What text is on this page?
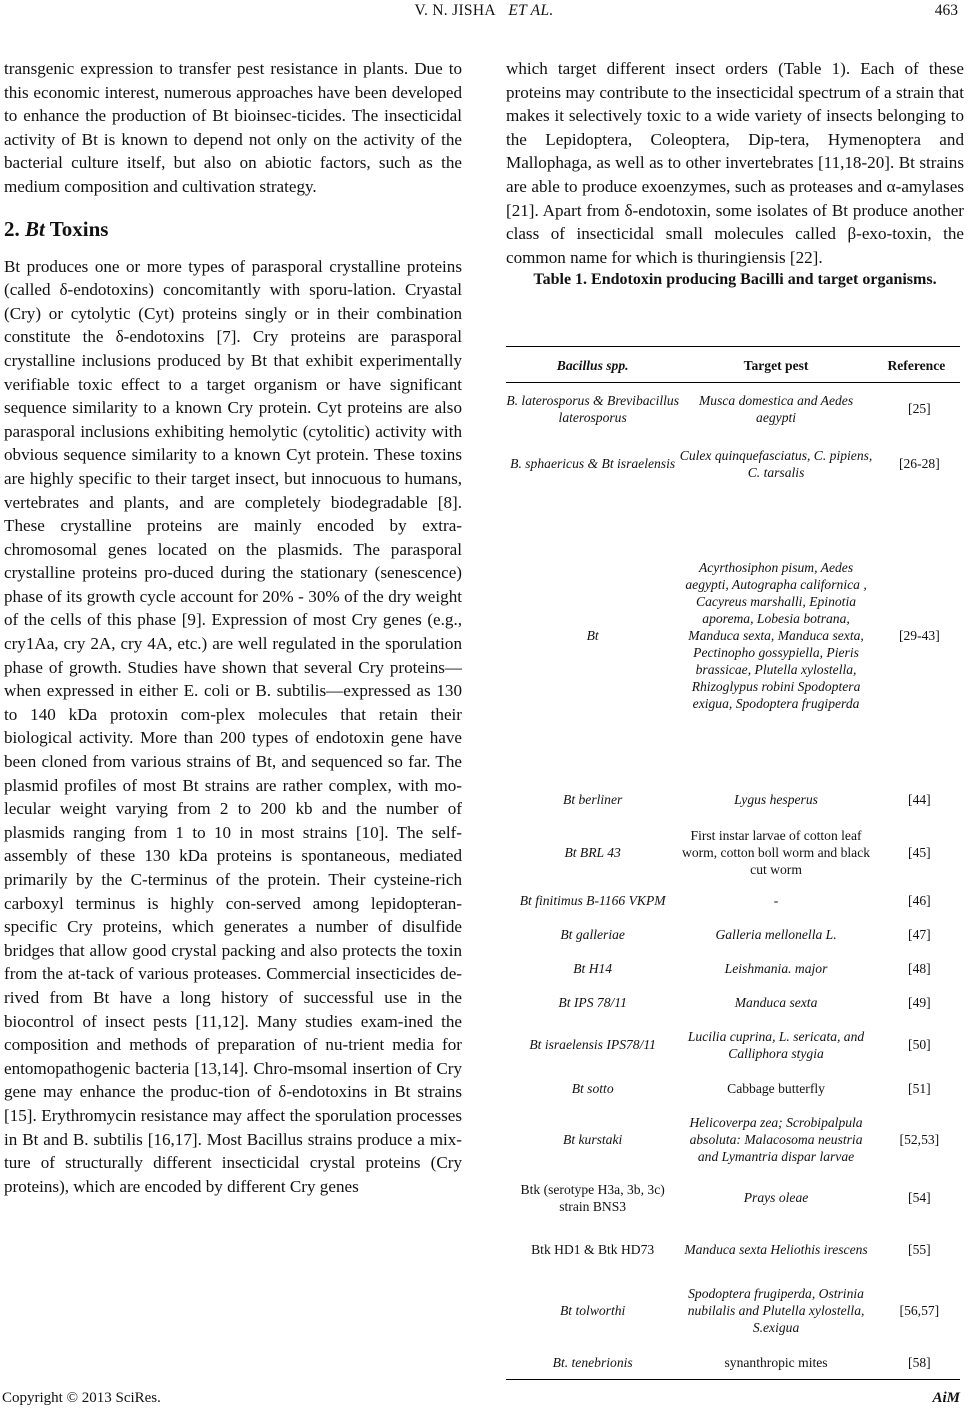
V. N. JISHA ET AL.	463

transgenic expression to transfer pest resistance in plants. Due to this economic interest, numerous approaches have been developed to enhance the production of Bt bioinsec-ticides. The insecticidal activity of Bt is known to depend not only on the activity of the bacterial culture itself, but also on abiotic factors, such as the medium composition and cultivation strategy.

2. Bt Toxins

Bt produces one or more types of parasporal crystalline proteins (called δ-endotoxins) concomitantly with sporu-lation. Cryastal (Cry) or cytolytic (Cyt) proteins singly or in their combination constitute the δ-endotoxins [7]. Cry proteins are parasporal crystalline inclusions produced by Bt that exhibit experimentally verifiable toxic effect to a target organism or have significant sequence similarity to a known Cry protein. Cyt proteins are also parasporal inclusions exhibiting hemolytic (cytolitic) activity with obvious sequence similarity to a known Cyt protein. These toxins are highly specific to their target insect, but innocuous to humans, vertebrates and plants, and are completely biodegradable [8]. These crystalline proteins are mainly encoded by extra-chromosomal genes located on the plasmids. The parasporal crystalline proteins pro-duced during the stationary (senescence) phase of its growth cycle account for 20% - 30% of the dry weight of the cells of this phase [9]. Expression of most Cry genes (e.g., cry1Aa, cry 2A, cry 4A, etc.) are well regulated in the sporulation phase of growth. Studies have shown that several Cry proteins—when expressed in either E. coli or B. subtilis—expressed as 130 to 140 kDa protoxin com-plex molecules that retain their biological activity. More than 200 types of endotoxin gene have been cloned from various strains of Bt, and sequenced so far. The plasmid profiles of most Bt strains are rather complex, with mo-lecular weight varying from 2 to 200 kb and the number of plasmids ranging from 1 to 10 in most strains [10]. The self-assembly of these 130 kDa proteins is spontaneous, mediated primarily by the C-terminus of the protein. Their cysteine-rich carboxyl terminus is highly con-served among lepidopteran-specific Cry proteins, which generates a number of disulfide bridges that allow good crystal packing and also protects the toxin from the at-tack of various proteases. Commercial insecticides de-rived from Bt have a long history of successful use in the biocontrol of insect pests [11,12]. Many studies exam-ined the composition and methods of preparation of nu-trient media for entomopathogenic bacteria [13,14]. Chro-msomal insertion of Cry gene may enhance the produc-tion of δ-endotoxins in Bt strains [15]. Erythromycin resistance may affect the sporulation processes in Bt and B. subtilis [16,17]. Most Bacillus strains produce a mix-ture of structurally different insecticidal crystal proteins (Cry proteins), which are encoded by different Cry genes

which target different insect orders (Table 1). Each of these proteins may contribute to the insecticidal spectrum of a strain that makes it selectively toxic to a wide variety of insects belonging to the Lepidoptera, Coleoptera, Dip-tera, Hymenoptera and Mallophaga, as well as to other invertebrates [11,18-20]. Bt strains are able to produce exoenzymes, such as proteases and α-amylases [21]. Apart from δ-endotoxin, some isolates of Bt produce another class of insecticidal small molecules called β-exo-toxin, the common name for which is thuringiensis [22].

Table 1. Endotoxin producing Bacilli and target organisms.

Bacillus spp.	Target pest	Reference
B. laterosporus & Brevibacillus laterosporus	Musca domestica and Aedes aegypti	[25]
B. sphaericus & Bt israelensis	Culex quinquefasciatus, C. pipiens, C. tarsalis	[26-28]
Bt	Acyrthosiphon pisum, Aedes aegypti, Autographa californica , Cacyreus marshalli, Epinotia aporema, Lobesia botrana, Manduca sexta, Manduca sexta, Pectinopho gossypiella, Pieris brassicae, Plutella xylostella, Rhizoglypus robini Spodoptera exigua, Spodoptera frugiperda	[29-43]
Bt berliner	Lygus hesperus	[44]
Bt BRL 43	First instar larvae of cotton leaf worm, cotton boll worm and black cut worm	[45]
Bt finitimus B-1166 VKPM	-	[46]
Bt galleriae	Galleria mellonella L.	[47]
Bt H14	Leishmania. major	[48]
Bt IPS 78/11	Manduca sexta	[49]
Bt israelensis IPS78/11	Lucilia cuprina, L. sericata, and Calliphora stygia	[50]
Bt sotto	Cabbage butterfly	[51]
Bt kurstaki	Helicoverpa zea; Scrobipalpula absoluta: Malacosoma neustria and Lymantria dispar larvae	[52,53]
Btk (serotype H3a, 3b, 3c) strain BNS3	Prays oleae	[54]
Btk HD1 & Btk HD73	Manduca sexta Heliothis irescens	[55]
Bt tolworthi	Spodoptera frugiperda, Ostrinia nubilalis and Plutella xylostella, S.exigua	[56,57]
Bt. tenebrionis	synanthropic mites	[58]
Copyright © 2013 SciRes.	AiM
